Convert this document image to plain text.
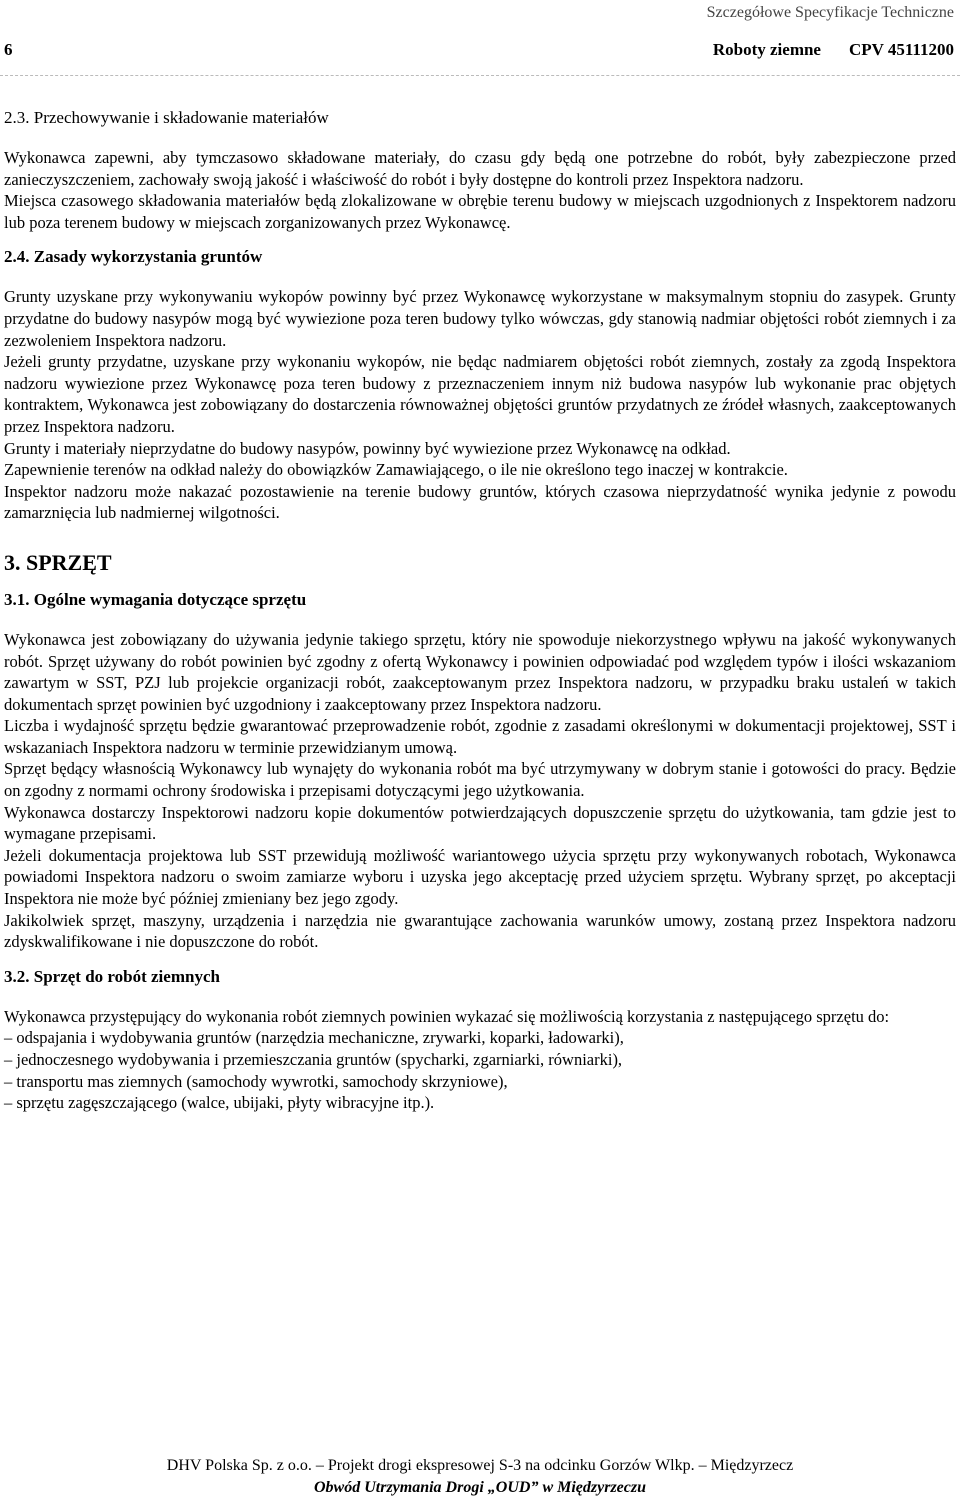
Szczegółowe Specyfikacje Techniczne
6	Roboty ziemne CPV 45111200
2.3. Przechowywanie i składowanie materiałów

Wykonawca zapewni, aby tymczasowo składowane materiały, do czasu gdy będą one potrzebne do robót, były zabezpieczone przed zanieczyszczeniem, zachowały swoją jakość i właściwość do robót i były dostępne do kontroli przez Inspektora nadzoru.

Miejsca czasowego składowania materiałów będą zlokalizowane w obrębie terenu budowy w miejscach uzgodnionych z Inspektorem nadzoru lub poza terenem budowy w miejscach zorganizowanych przez Wykonawcę.

2.4. Zasady wykorzystania gruntów

Grunty uzyskane przy wykonywaniu wykopów powinny być przez Wykonawcę wykorzystane w maksymalnym stopniu do zasypek. Grunty przydatne do budowy nasypów mogą być wywiezione poza teren budowy tylko wówczas, gdy stanowią nadmiar objętości robót ziemnych i za zezwoleniem Inspektora nadzoru.

Jeżeli grunty przydatne, uzyskane przy wykonaniu wykopów, nie będąc nadmiarem objętości robót ziemnych, zostały za zgodą Inspektora nadzoru wywiezione przez Wykonawcę poza teren budowy z przeznaczeniem innym niż budowa nasypów lub wykonanie prac objętych kontraktem, Wykonawca jest zobowiązany do dostarczenia równoważnej objętości gruntów przydatnych ze źródeł własnych, zaakceptowanych przez Inspektora nadzoru.

Grunty i materiały nieprzydatne do budowy nasypów, powinny być wywiezione przez Wykonawcę na odkład.

Zapewnienie terenów na odkład należy do obowiązków Zamawiającego, o ile nie określono tego inaczej w kontrakcie.

Inspektor nadzoru może nakazać pozostawienie na terenie budowy gruntów, których czasowa nieprzydatność wynika jedynie z powodu zamarznięcia lub nadmiernej wilgotności.

3. SPRZĘT
3.1. Ogólne wymagania dotyczące sprzętu

Wykonawca jest zobowiązany do używania jedynie takiego sprzętu, który nie spowoduje niekorzystnego wpływu na jakość wykonywanych robót. Sprzęt używany do robót powinien być zgodny z ofertą Wykonawcy i powinien odpowiadać pod względem typów i ilości wskazaniom zawartym w SST, PZJ lub projekcie organizacji robót, zaakceptowanym przez Inspektora nadzoru, w przypadku braku ustaleń w takich dokumentach sprzęt powinien być uzgodniony i zaakceptowany przez Inspektora nadzoru.

Liczba i wydajność sprzętu będzie gwarantować przeprowadzenie robót, zgodnie z zasadami określonymi w dokumentacji projektowej, SST i wskazaniach Inspektora nadzoru w terminie przewidzianym umową.

Sprzęt będący własnością Wykonawcy lub wynajęty do wykonania robót ma być utrzymywany w dobrym stanie i gotowości do pracy. Będzie on zgodny z normami ochrony środowiska i przepisami dotyczącymi jego użytkowania.

Wykonawca dostarczy Inspektorowi nadzoru kopie dokumentów potwierdzających dopuszczenie sprzętu do użytkowania, tam gdzie jest to wymagane przepisami.

Jeżeli dokumentacja projektowa lub SST przewidują możliwość wariantowego użycia sprzętu przy wykonywanych robotach, Wykonawca powiadomi Inspektora nadzoru o swoim zamiarze wyboru i uzyska jego akceptację przed użyciem sprzętu. Wybrany sprzęt, po akceptacji Inspektora nie może być później zmieniany bez jego zgody.

Jakikolwiek sprzęt, maszyny, urządzenia i narzędzia nie gwarantujące zachowania warunków umowy, zostaną przez Inspektora nadzoru zdyskwalifikowane i nie dopuszczone do robót.

3.2. Sprzęt do robót ziemnych

Wykonawca przystępujący do wykonania robót ziemnych powinien wykazać się możliwością korzystania z następującego sprzętu do:

– odspajania i wydobywania gruntów (narzędzia mechaniczne, zrywarki, koparki, ładowarki),
– jednoczesnego wydobywania i przemieszczania gruntów (spycharki, zgarniarki, równiarki),
– transportu mas ziemnych (samochody wywrotki, samochody skrzyniowe),
– sprzętu zagęszczającego (walce, ubijaki, płyty wibracyjne itp.).
DHV Polska Sp. z o.o. – Projekt drogi ekspresowej S-3 na odcinku Gorzów Wlkp. – Międzyrzecz
Obwód Utrzymania Drogi „OUD” w Międzyrzeczu
